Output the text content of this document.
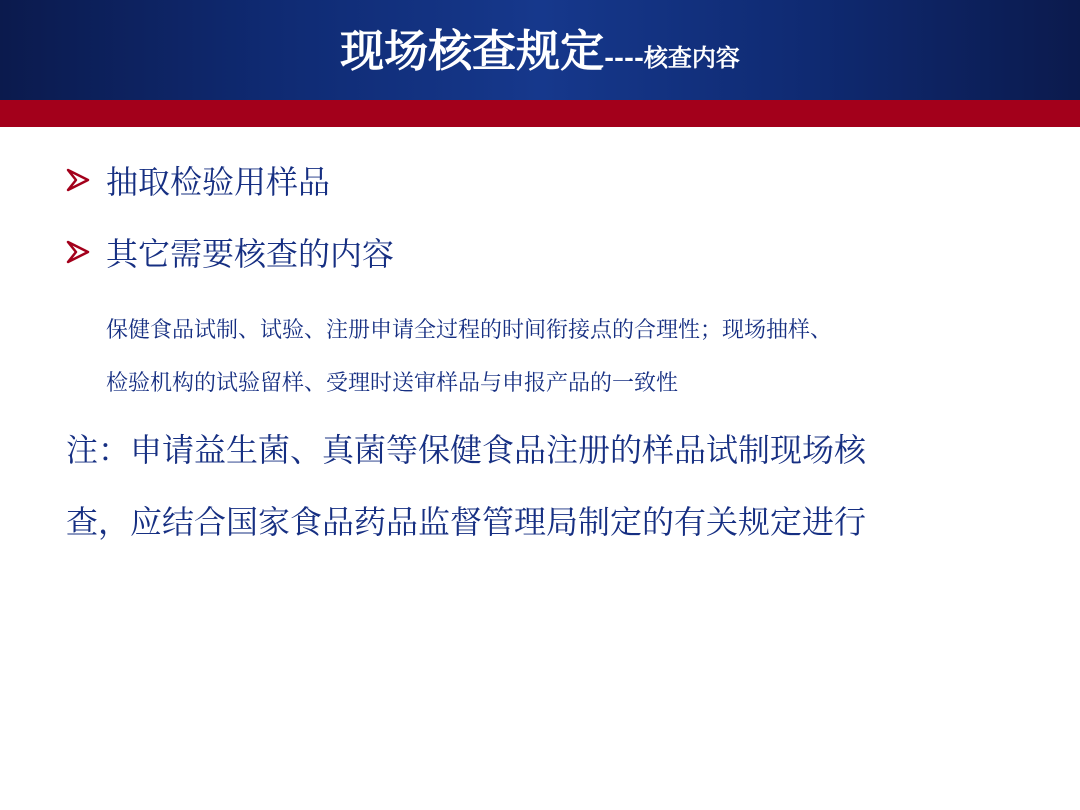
现场核查规定----核查内容
抽取检验用样品
其它需要核查的内容
保健食品试制、试验、注册申请全过程的时间衔接点的合理性；现场抽样、
检验机构的试验留样、受理时送审样品与申报产品的一致性
注：申请益生菌、真菌等保健食品注册的样品试制现场核
查，应结合国家食品药品监督管理局制定的有关规定进行
